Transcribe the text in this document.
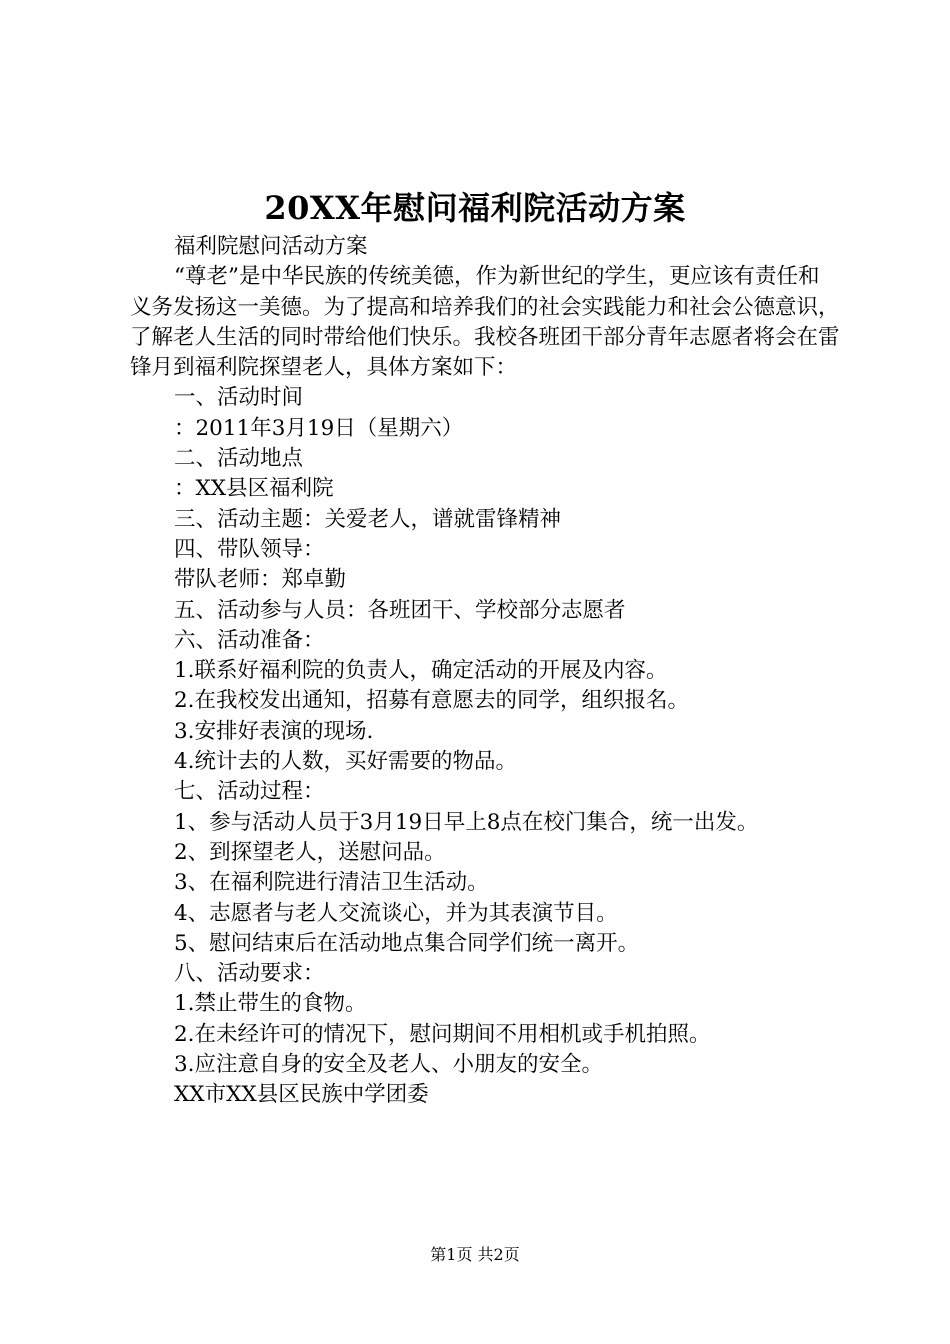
20XX年慰问福利院活动方案

福利院慰问活动方案

“尊老”是中华民族的传统美德，作为新世纪的学生，更应该有责任和义务发扬这一美德。为了提高和培养我们的社会实践能力和社会公德意识，了解老人生活的同时带给他们快乐。我校各班团干部分青年志愿者将会在雷锋月到福利院探望老人，具体方案如下：

一、活动时间

：2011年3月19日（星期六）

二、活动地点

：XX县区福利院

三、活动主题：关爱老人，谱就雷锋精神

四、带队领导：

带队老师：郑卓勤

五、活动参与人员：各班团干、学校部分志愿者

六、活动准备：

1.联系好福利院的负责人，确定活动的开展及内容。

2.在我校发出通知，招募有意愿去的同学，组织报名。

3.安排好表演的现场.

4.统计去的人数，买好需要的物品。

七、活动过程：

1、参与活动人员于3月19日早上8点在校门集合，统一出发。

2、到探望老人，送慰问品。

3、在福利院进行清洁卫生活动。

4、志愿者与老人交流谈心，并为其表演节目。

5、慰问结束后在活动地点集合同学们统一离开。

八、活动要求：

1.禁止带生的食物。

2.在未经许可的情况下，慰问期间不用相机或手机拍照。

3.应注意自身的安全及老人、小朋友的安全。

XX市XX县区民族中学团委

第1页 共2页
